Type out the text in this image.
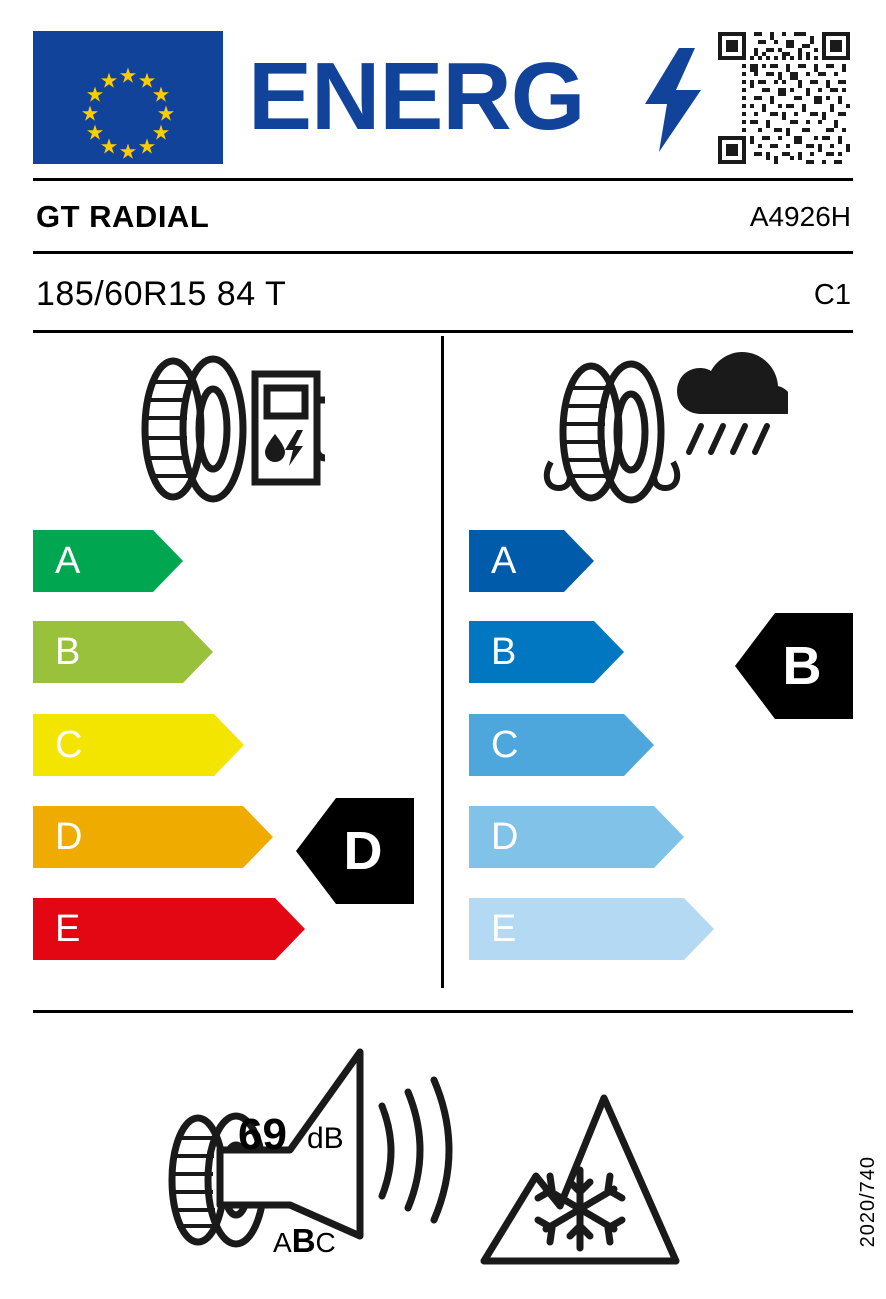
ENERG
GT RADIAL	A4926H
185/60R15 84 T	C1
A
B
C
D
E
D
A
B
C
D
E
B
69 dB
ABC	2020/740
